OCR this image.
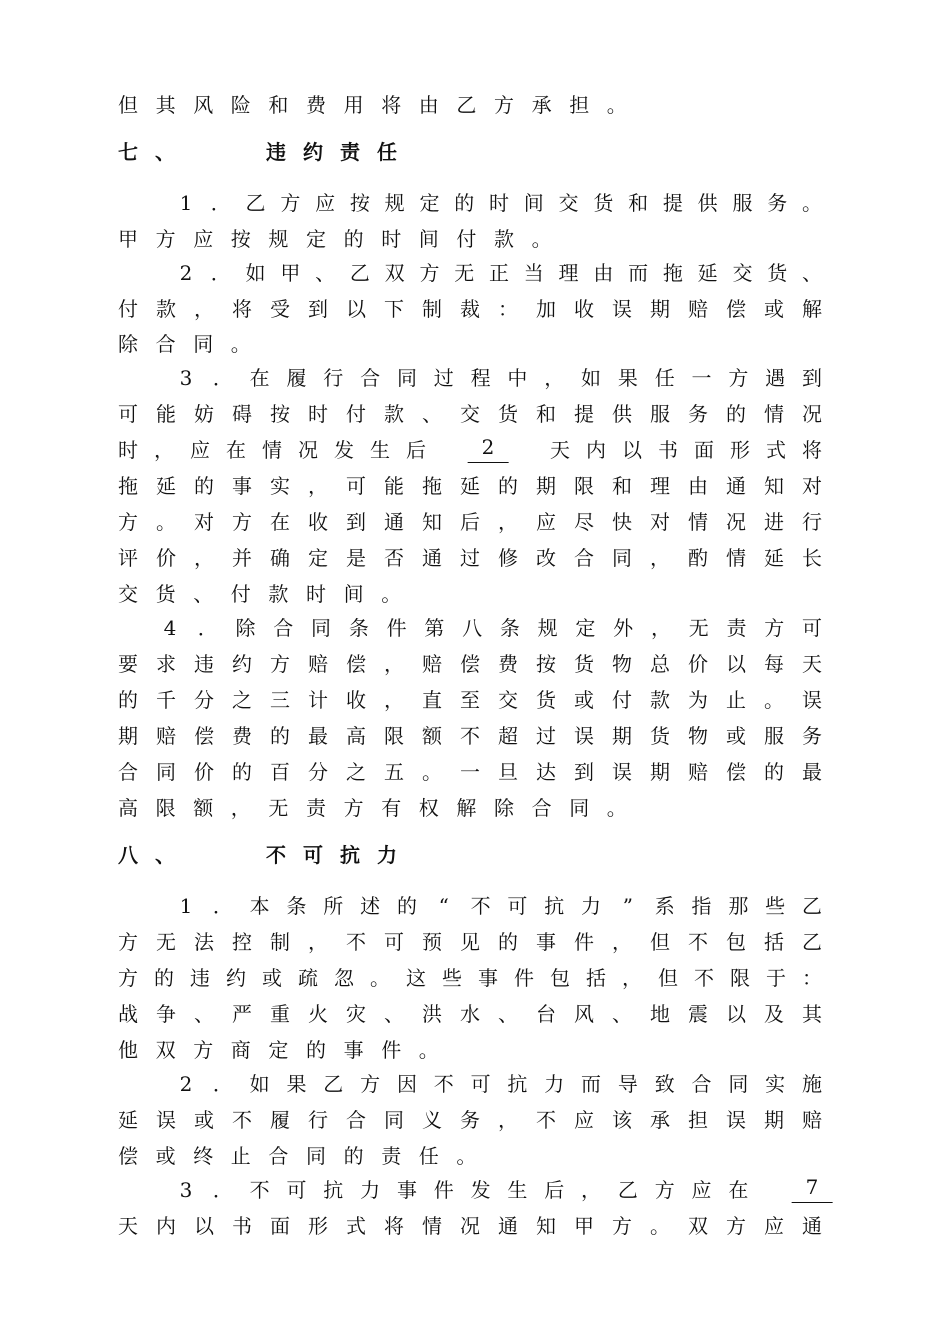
但 其 风 险 和 费 用 将 由 乙 方 承 担 。
七 、	违 约 责 任
1 ． 乙 方 应 按 规 定 的 时 间 交 货 和 提 供 服 务 。
甲 方 应 按 规 定 的 时 间 付 款 。
2 ． 如 甲 、 乙 双 方 无 正 当 理 由 而 拖 延 交 货 、
付 款 ， 将 受 到 以 下 制 裁 ： 加 收 误 期 赔 偿 或 解
除 合 同 。
3 ． 在 履 行 合 同 过 程 中 ， 如 果 任 一 方 遇 到
可 能 妨 碍 按 时 付 款 、 交 货 和 提 供 服 务 的 情 况
时 ， 应 在 情 况 发 生 后	2	天 内 以 书 面 形 式 将
拖 延 的 事 实 ， 可 能 拖 延 的 期 限 和 理 由 通 知 对
方 。 对 方 在 收 到 通 知 后 ， 应 尽 快 对 情 况 进 行
评 价 ， 并 确 定 是 否 通 过 修 改 合 同 ， 酌 情 延 长
交 货 、 付 款 时 间 。
4 ． 除 合 同 条 件 第 八 条 规 定 外 ， 无 责 方 可
要 求 违 约 方 赔 偿 ， 赔 偿 费 按 货 物 总 价 以 每 天
的 千 分 之 三 计 收 ， 直 至 交 货 或 付 款 为 止 。 误
期 赔 偿 费 的 最 高 限 额 不 超 过 误 期 货 物 或 服 务
合 同 价 的 百 分 之 五 。 一 旦 达 到 误 期 赔 偿 的 最
高 限 额 ， 无 责 方 有 权 解 除 合 同 。
八 、	不 可 抗 力
1 ． 本 条 所 述 的 “ 不 可 抗 力 ” 系 指 那 些 乙
方 无 法 控 制 ， 不 可 预 见 的 事 件 ， 但 不 包 括 乙
方 的 违 约 或 疏 忽 。 这 些 事 件 包 括 ， 但 不 限 于 ：
战 争 、 严 重 火 灾 、 洪 水 、 台 风 、 地 震 以 及 其
他 双 方 商 定 的 事 件 。
2 ． 如 果 乙 方 因 不 可 抗 力 而 导 致 合 同 实 施
延 误 或 不 履 行 合 同 义 务 ， 不 应 该 承 担 误 期 赔
偿 或 终 止 合 同 的 责 任 。
3 ． 不 可 抗 力 事 件 发 生 后 ， 乙 方 应 在	7
天 内 以 书 面 形 式 将 情 况 通 知 甲 方 。 双 方 应 通
